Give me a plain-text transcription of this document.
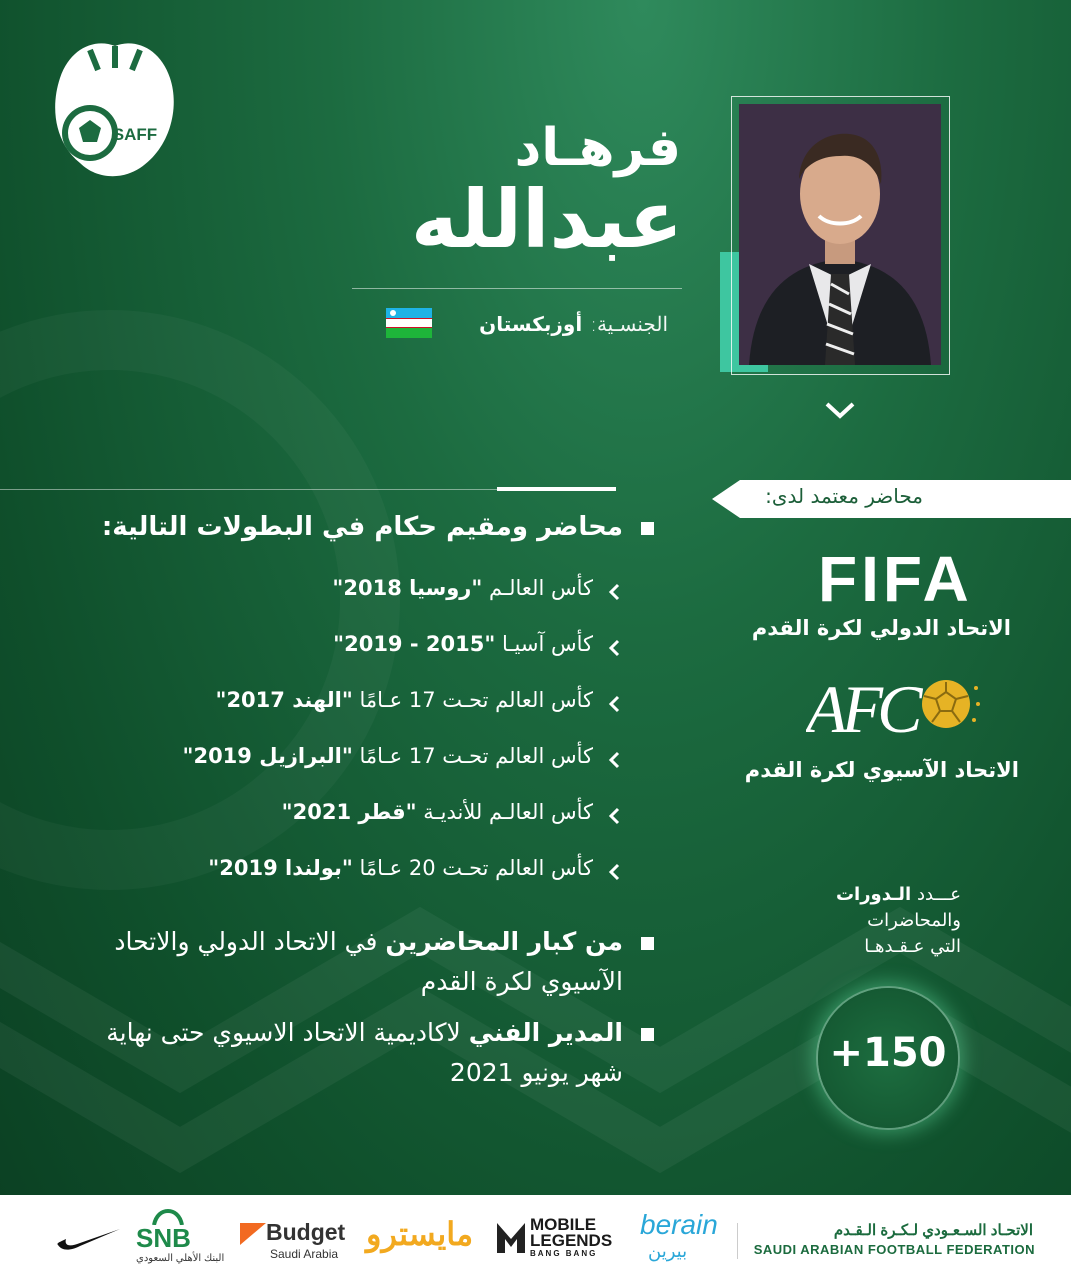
SAFF	فرهـاد
عبدالله
الجنسـية:
أوزبكستان
محاضر معتمد لدى:
FIFA
الاتحاد الدولي لكرة القدم
AFC
الاتحاد الآسيوي لكرة القدم
عـــدد الـدورات
والمحاضرات
التي عـقـدهـا
+150
محاضر ومقيم حكام في البطولات التالية:
كأس العالـم "روسيا 2018"
كأس آسيـا "2015 - 2019"
كأس العالم تحـت 17 عـامًا "الهند 2017"
كأس العالم تحـت 17 عـامًا "البرازيل 2019"
كأس العالـم للأنديـة "قطر 2021"
كأس العالم تحـت 20 عـامًا "بولندا 2019"
من كبار المحاضرين في الاتحاد الدولي والاتحاد الآسيوي لكرة القدم
المدير الفني لاكاديمية الاتحاد الاسيوي حتى نهاية شهر يونيو 2021
الاتحـاد السـعـودي لـكـرة الـقـدم
SAUDI ARABIAN FOOTBALL FEDERATION
berain
بيرين
MOBILE
LEGENDS
BANG BANG
مايسترو
Budget
Saudi Arabia
SNB
البنك الأهلي السعودي
